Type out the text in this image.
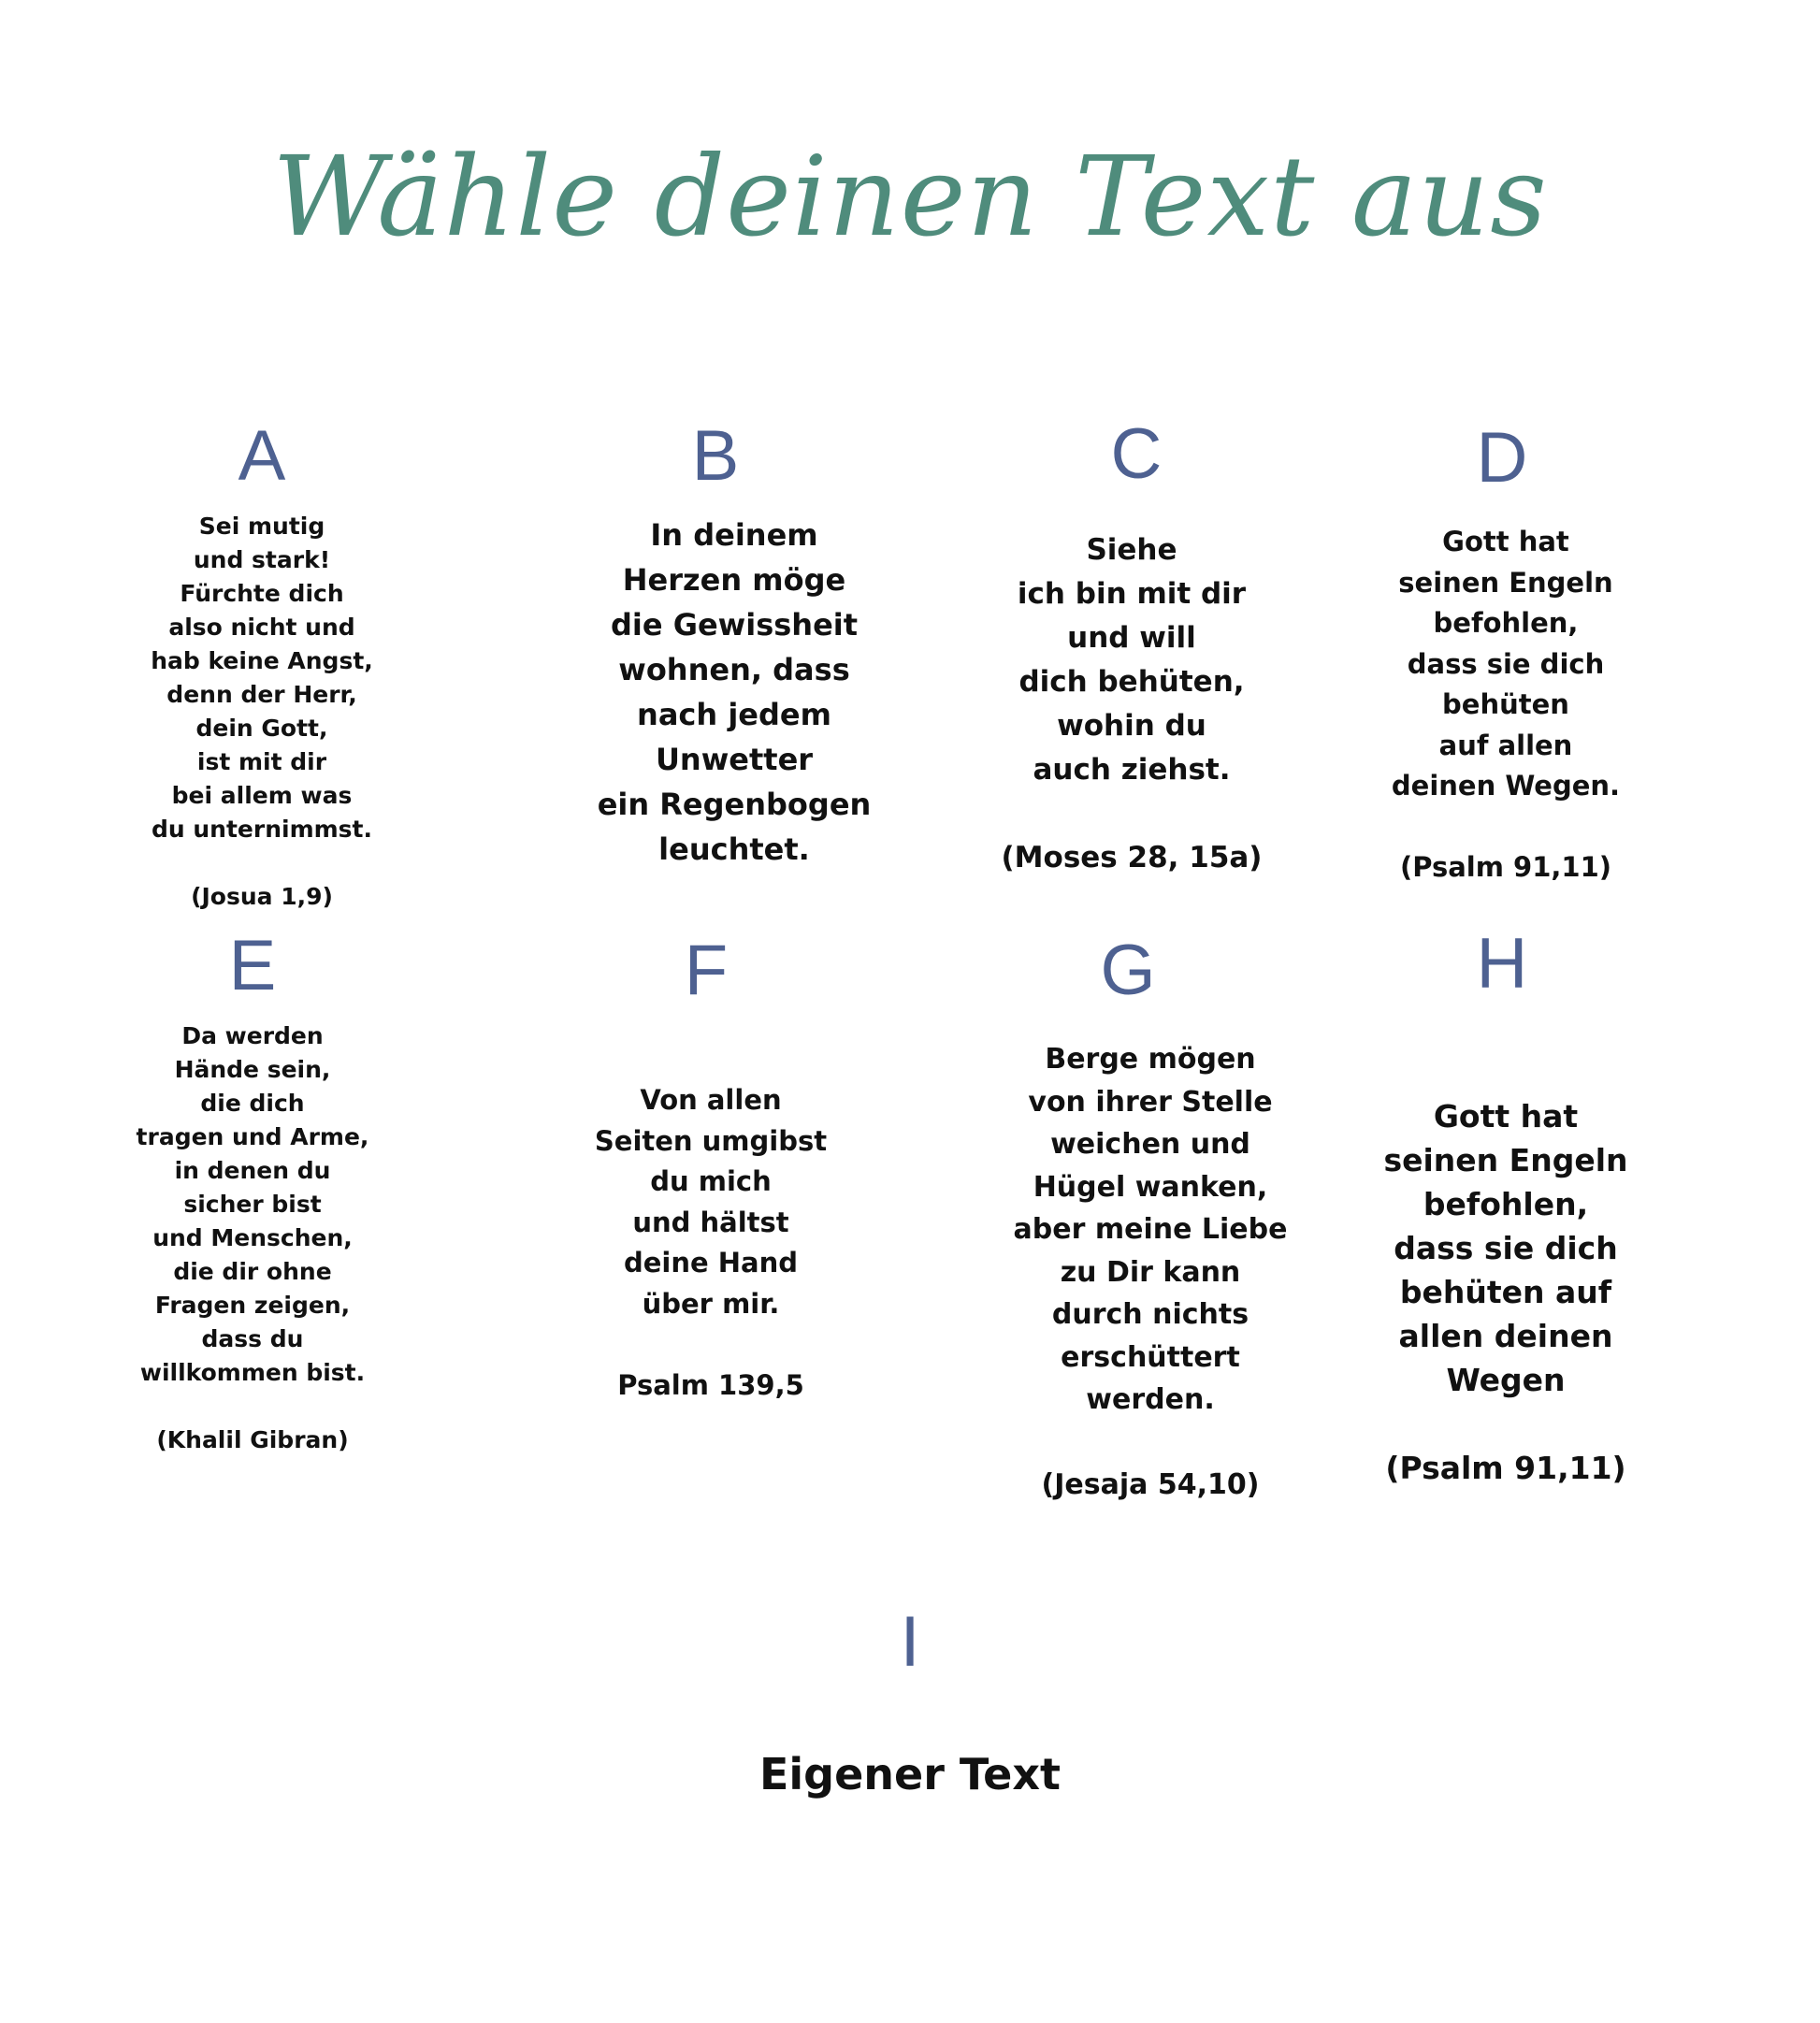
Wähle deinen Text aus
A
Sei mutig
und stark!
Fürchte dich
also nicht und
hab keine Angst,
denn der Herr,
dein Gott,
ist mit dir
bei allem was
du unternimmst.

(Josua 1,9)
B
In deinem
Herzen möge
die Gewissheit
wohnen, dass
nach jedem
Unwetter
ein Regenbogen
leuchtet.
C
Siehe
ich bin mit dir
und will
dich behüten,
wohin du
auch ziehst.

(Moses 28, 15a)
D
Gott hat
seinen Engeln
befohlen,
dass sie dich
behüten
auf allen
deinen Wegen.

(Psalm 91,11)
E
Da werden
Hände sein,
die dich
tragen und Arme,
in denen du
sicher bist
und Menschen,
die dir ohne
Fragen zeigen,
dass du
willkommen bist.

(Khalil Gibran)
F
Von allen
Seiten umgibst
du mich
und hältst
deine Hand
über mir.

Psalm 139,5
G
Berge mögen
von ihrer Stelle
weichen und
Hügel wanken,
aber meine Liebe
zu Dir kann
durch nichts
erschüttert
werden.

(Jesaja 54,10)
H
Gott hat
seinen Engeln
befohlen,
dass sie dich
behüten auf
allen deinen
Wegen

(Psalm 91,11)
I
Eigener Text
